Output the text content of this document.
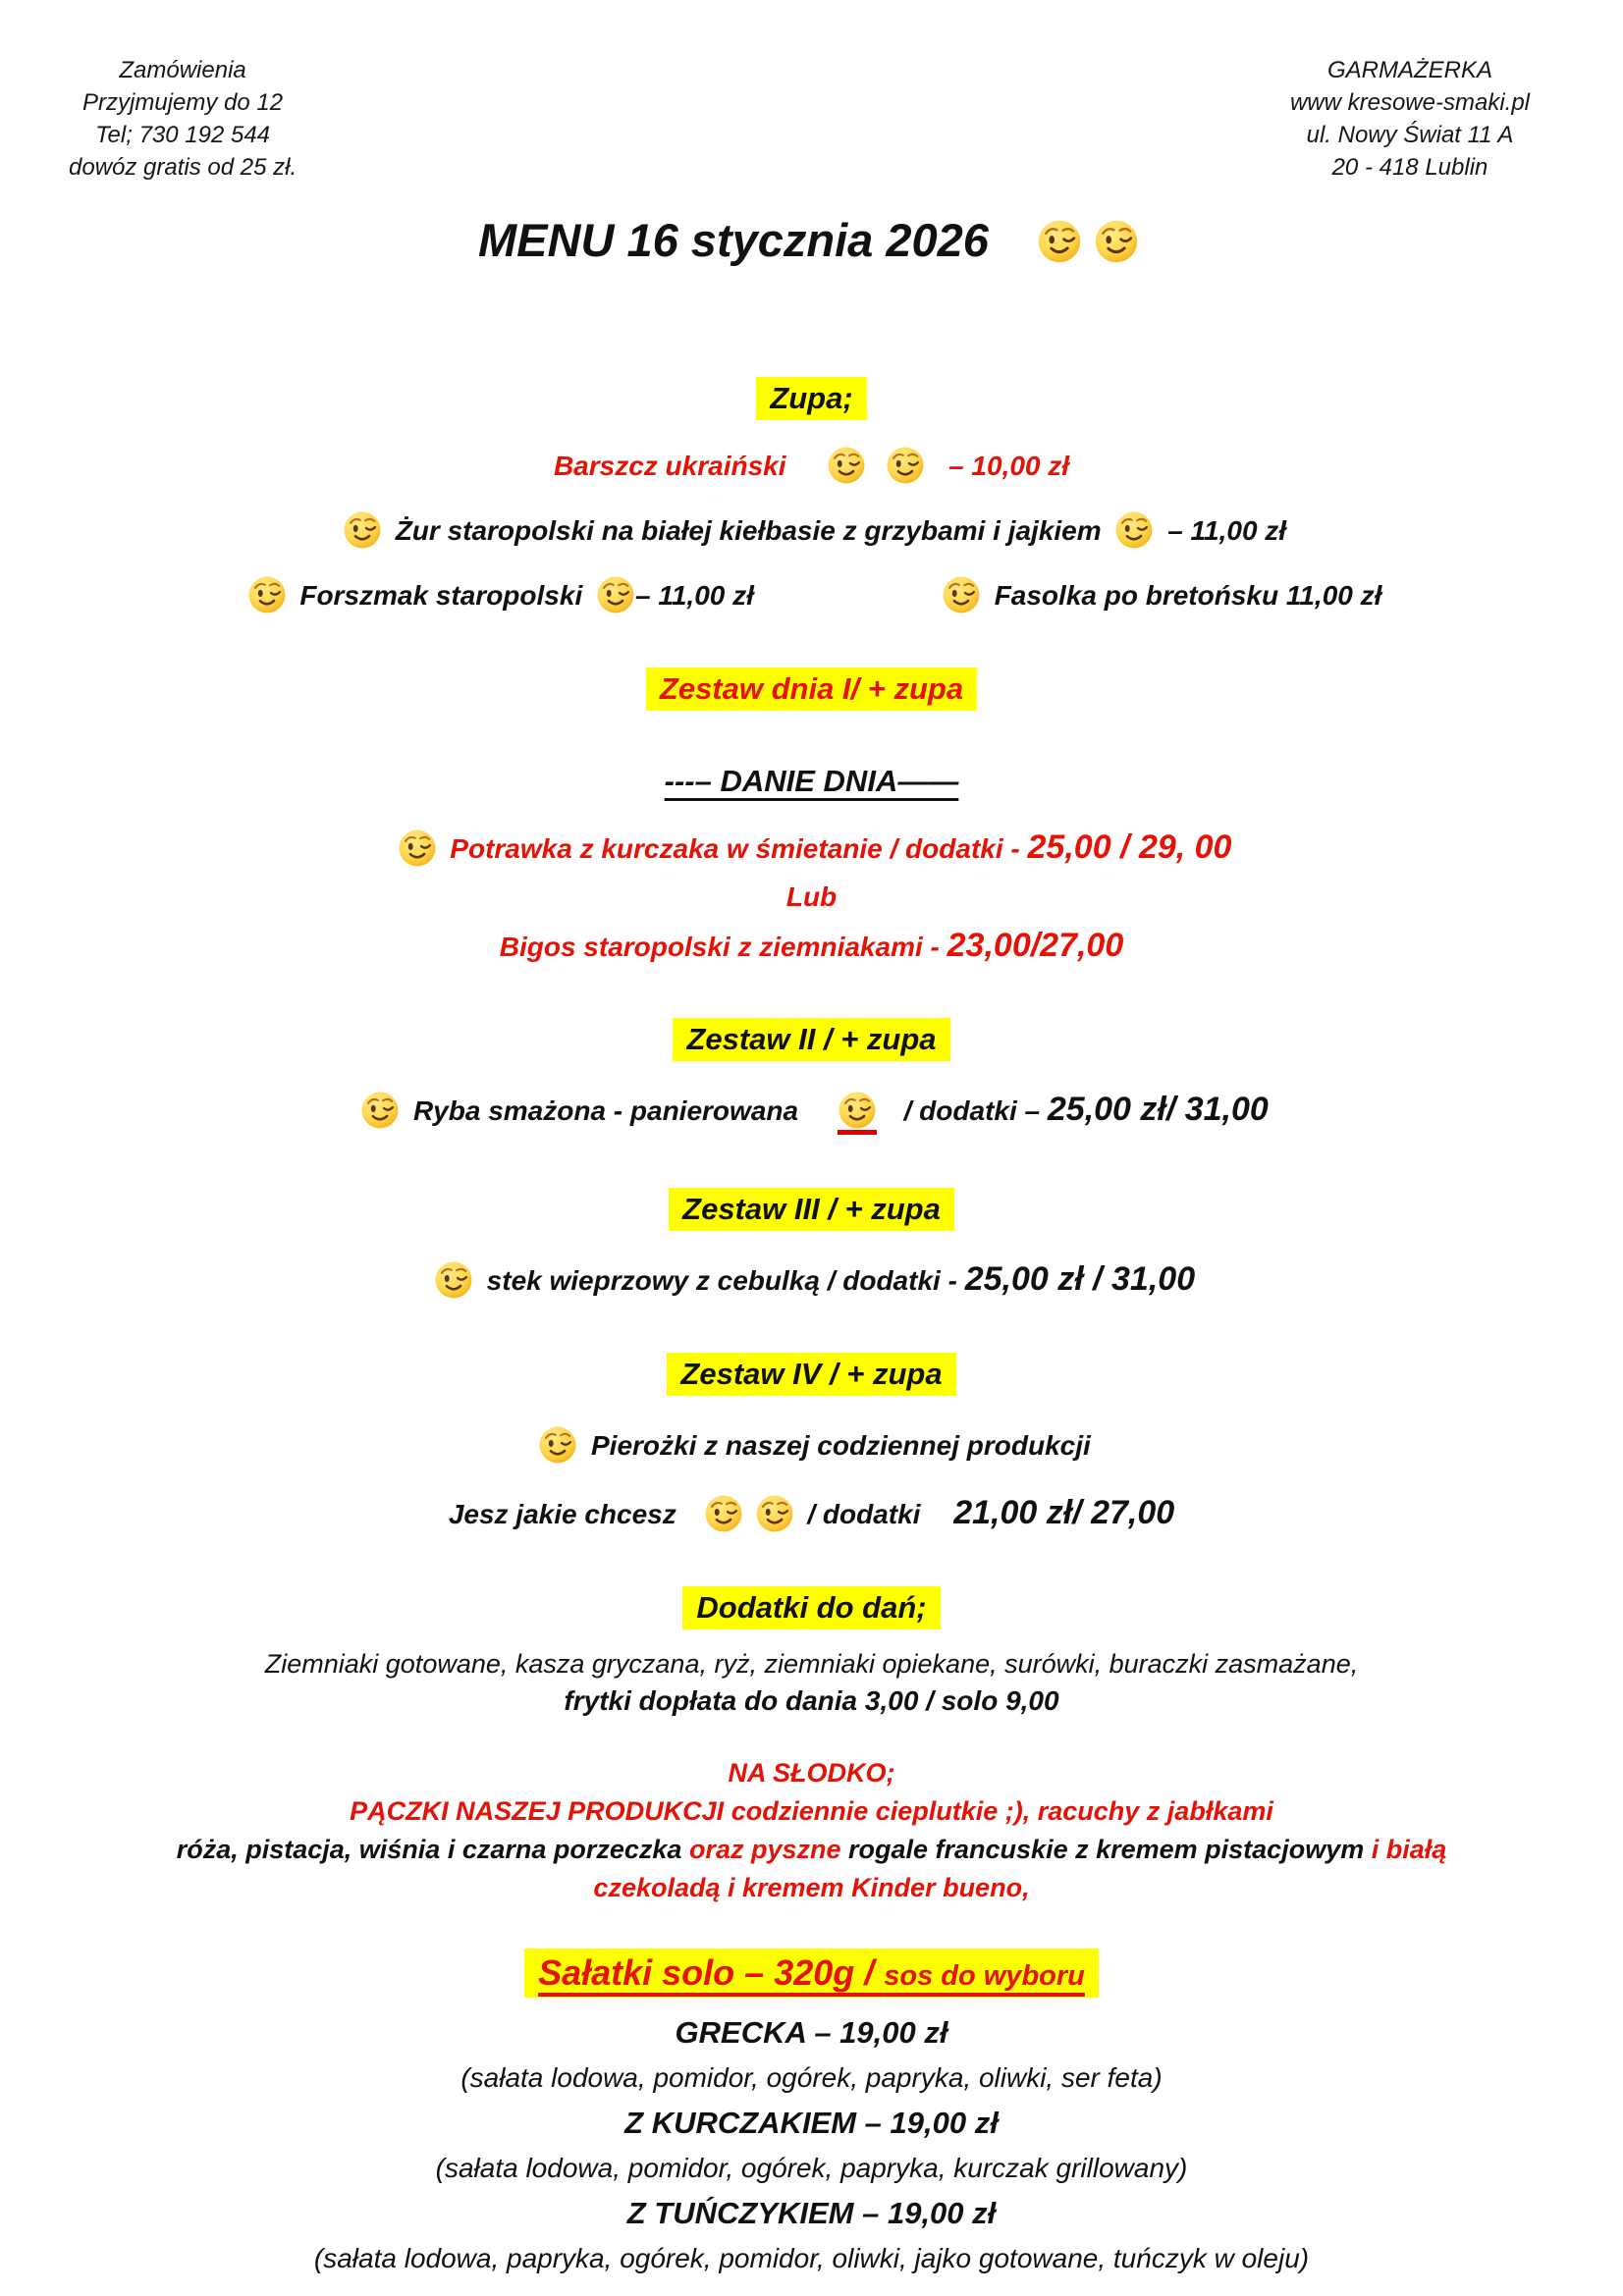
Zamówienia
Przyjmujemy do 12
Tel; 730 192 544
dowóz gratis od 25 zł.
GARMAŻERKA
www kresowe-smaki.pl
ul. Nowy Świat 11 A
20 - 418 Lublin
MENU 16 stycznia 2026
Zupa;
Barszcz ukraiński	– 10,00 zł
Żur staropolski na białej kiełbasie z grzybami i jajkiem – 11,00 zł
Forszmak staropolski – 11,00 zł	Fasolka po bretońsku 11,00 zł
Zestaw dnia I/ + zupa
---– DANIE DNIA——
Potrawka z kurczaka w śmietanie / dodatki - 25,00 / 29, 00
Lub
Bigos staropolski z ziemniakami - 23,00/27,00
Zestaw II / + zupa
Ryba smażona - panierowana	/ dodatki – 25,00 zł/ 31,00
Zestaw III / + zupa
stek wieprzowy z cebulką / dodatki - 25,00 zł / 31,00
Zestaw IV / + zupa
Pierożki z naszej codziennej produkcji
Jesz jakie chcesz	/ dodatki 21,00 zł/ 27,00
Dodatki do dań;
Ziemniaki gotowane, kasza gryczana, ryż, ziemniaki opiekane, surówki, buraczki zasmażane,
frytki dopłata do dania 3,00 / solo 9,00
NA SŁODKO;
PĄCZKI NASZEJ PRODUKCJI codziennie cieplutkie ;), racuchy z jabłkami
róża, pistacja, wiśnia i czarna porzeczka oraz pyszne rogale francuskie z kremem pistacjowym i białą
czekoladą i kremem Kinder bueno,
Sałatki solo – 320g / sos do wyboru
GRECKA – 19,00 zł
(sałata lodowa, pomidor, ogórek, papryka, oliwki, ser feta)
Z KURCZAKIEM – 19,00 zł
(sałata lodowa, pomidor, ogórek, papryka, kurczak grillowany)
Z TUŃCZYKIEM – 19,00 zł
(sałata lodowa, papryka, ogórek, pomidor, oliwki, jajko gotowane, tuńczyk w oleju)
